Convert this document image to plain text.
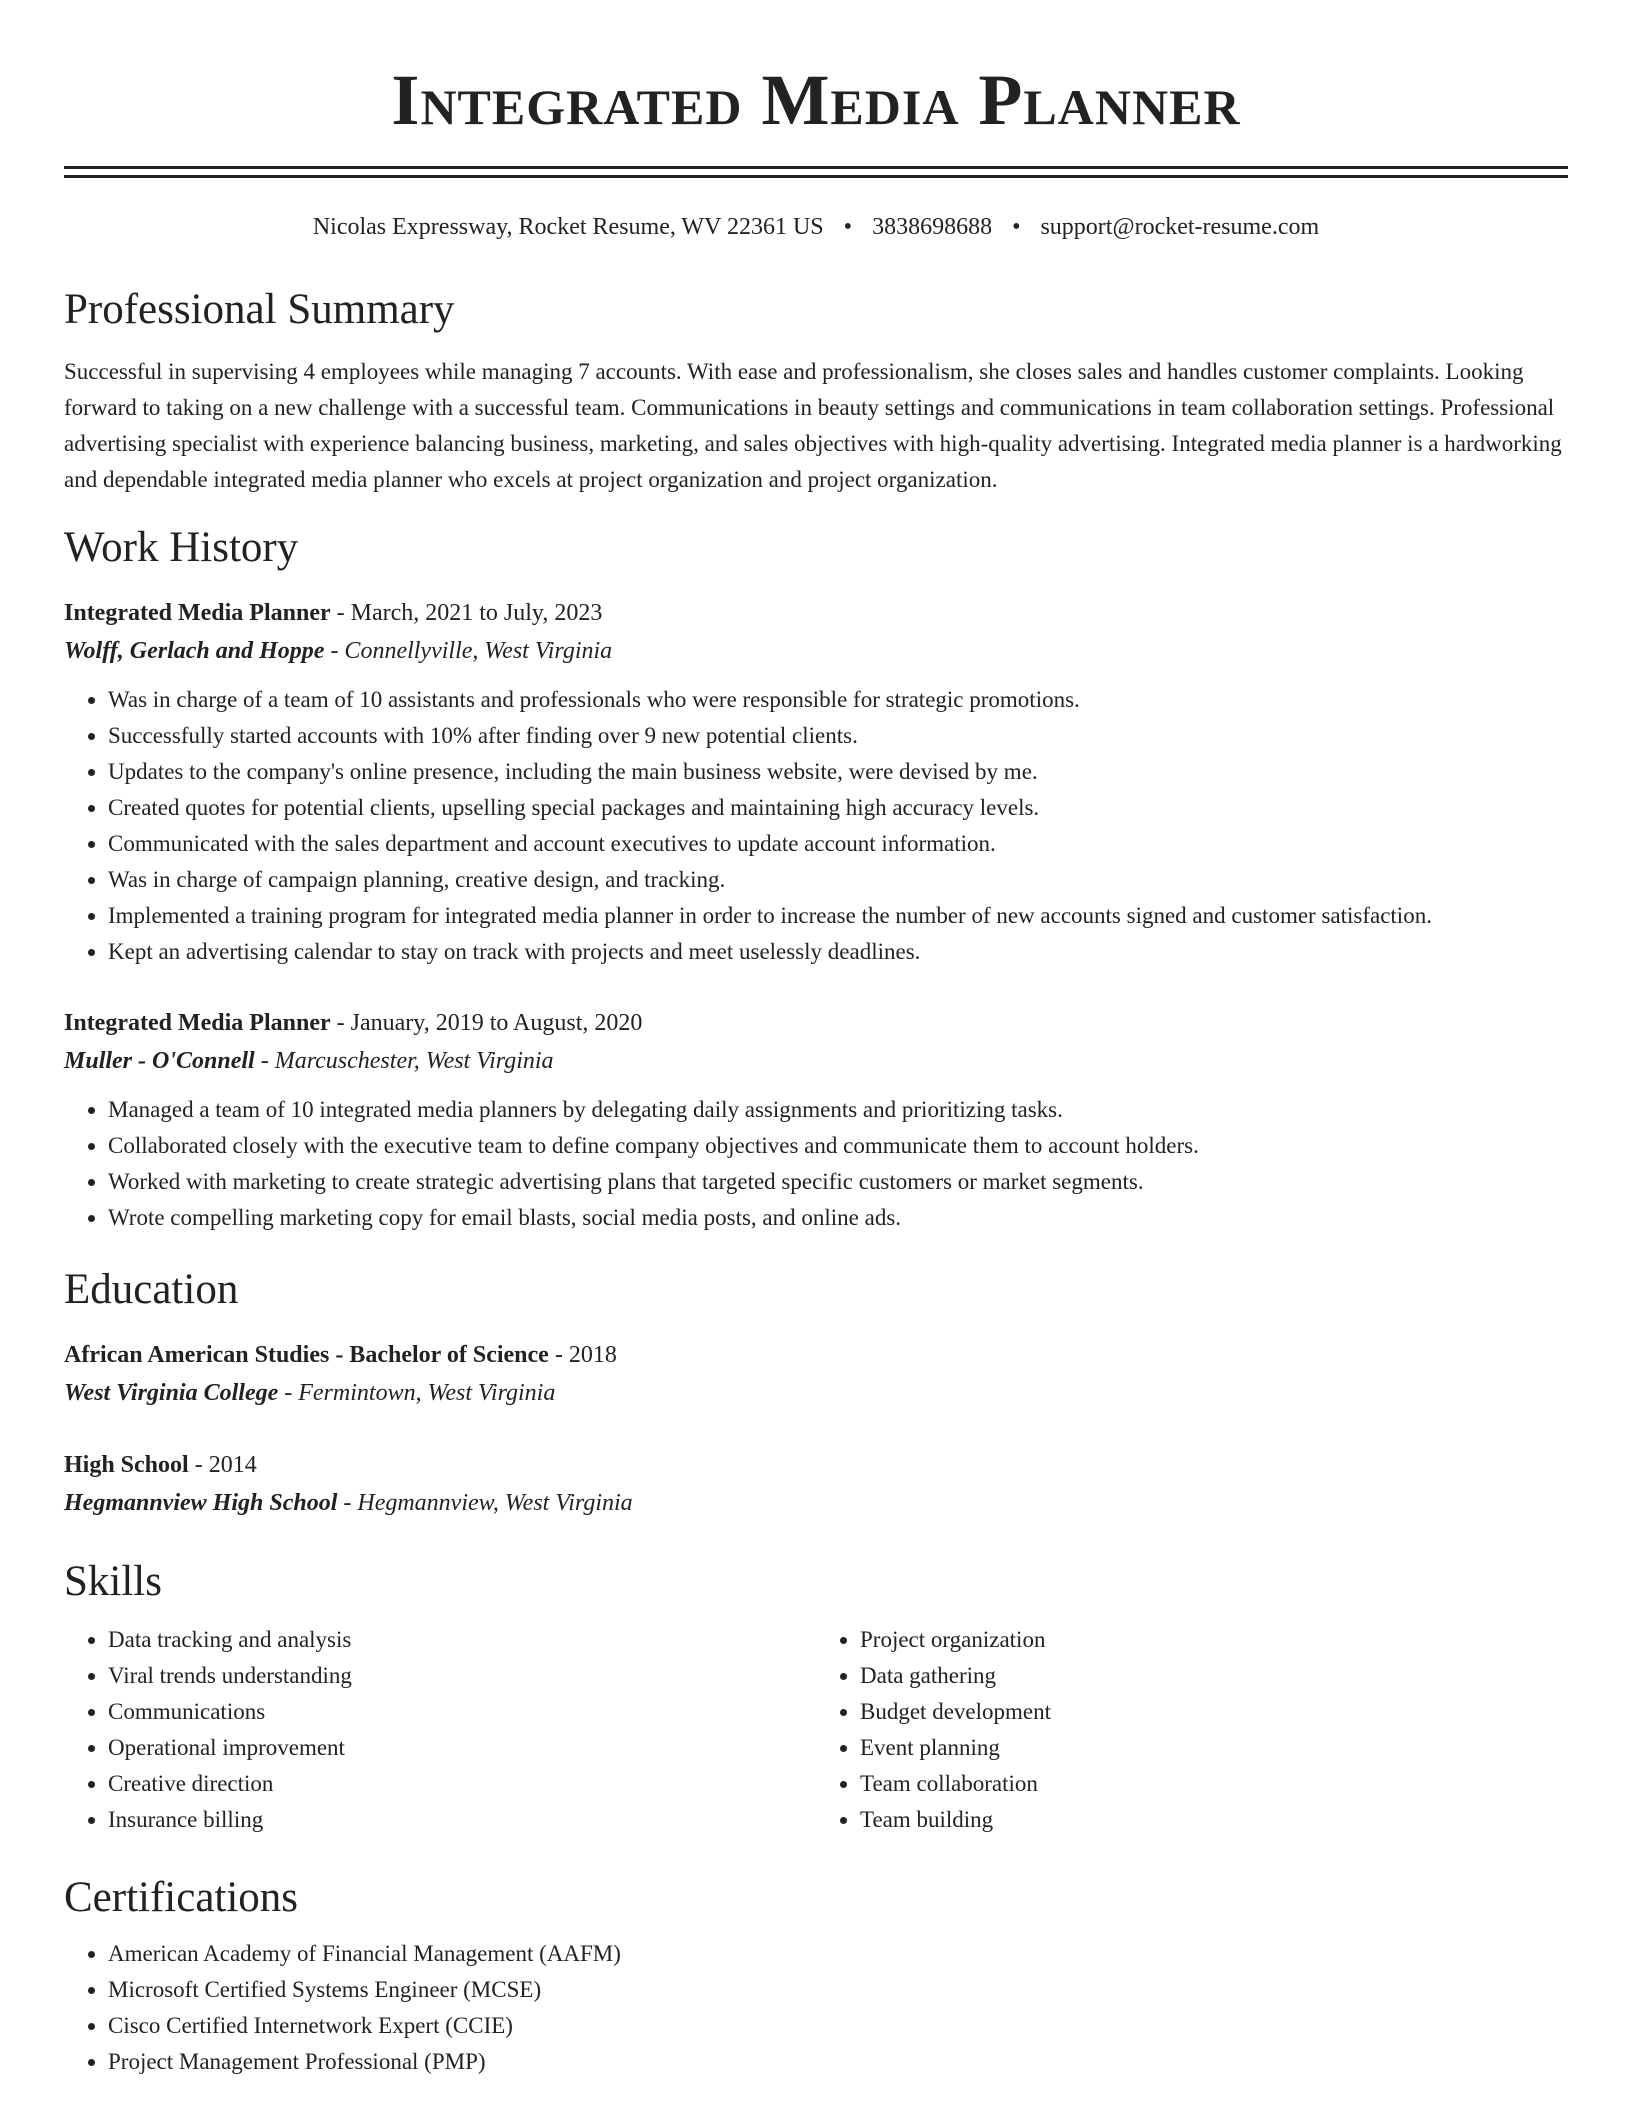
Integrated Media Planner
Nicolas Expressway, Rocket Resume, WV 22361 US • 3838698688 • support@rocket-resume.com
Professional Summary
Successful in supervising 4 employees while managing 7 accounts. With ease and professionalism, she closes sales and handles customer complaints. Looking forward to taking on a new challenge with a successful team. Communications in beauty settings and communications in team collaboration settings. Professional advertising specialist with experience balancing business, marketing, and sales objectives with high-quality advertising. Integrated media planner is a hardworking and dependable integrated media planner who excels at project organization and project organization.
Work History
Integrated Media Planner - March, 2021 to July, 2023
Wolff, Gerlach and Hoppe - Connellyville, West Virginia
• Was in charge of a team of 10 assistants and professionals who were responsible for strategic promotions.
• Successfully started accounts with 10% after finding over 9 new potential clients.
• Updates to the company's online presence, including the main business website, were devised by me.
• Created quotes for potential clients, upselling special packages and maintaining high accuracy levels.
• Communicated with the sales department and account executives to update account information.
• Was in charge of campaign planning, creative design, and tracking.
• Implemented a training program for integrated media planner in order to increase the number of new accounts signed and customer satisfaction.
• Kept an advertising calendar to stay on track with projects and meet uselessly deadlines.
Integrated Media Planner - January, 2019 to August, 2020
Muller - O'Connell - Marcuschester, West Virginia
• Managed a team of 10 integrated media planners by delegating daily assignments and prioritizing tasks.
• Collaborated closely with the executive team to define company objectives and communicate them to account holders.
• Worked with marketing to create strategic advertising plans that targeted specific customers or market segments.
• Wrote compelling marketing copy for email blasts, social media posts, and online ads.
Education
African American Studies - Bachelor of Science - 2018
West Virginia College - Fermintown, West Virginia
High School - 2014
Hegmannview High School - Hegmannview, West Virginia
Skills
• Data tracking and analysis
• Viral trends understanding
• Communications
• Operational improvement
• Creative direction
• Insurance billing
• Project organization
• Data gathering
• Budget development
• Event planning
• Team collaboration
• Team building
Certifications
• American Academy of Financial Management (AAFM)
• Microsoft Certified Systems Engineer (MCSE)
• Cisco Certified Internetwork Expert (CCIE)
• Project Management Professional (PMP)
